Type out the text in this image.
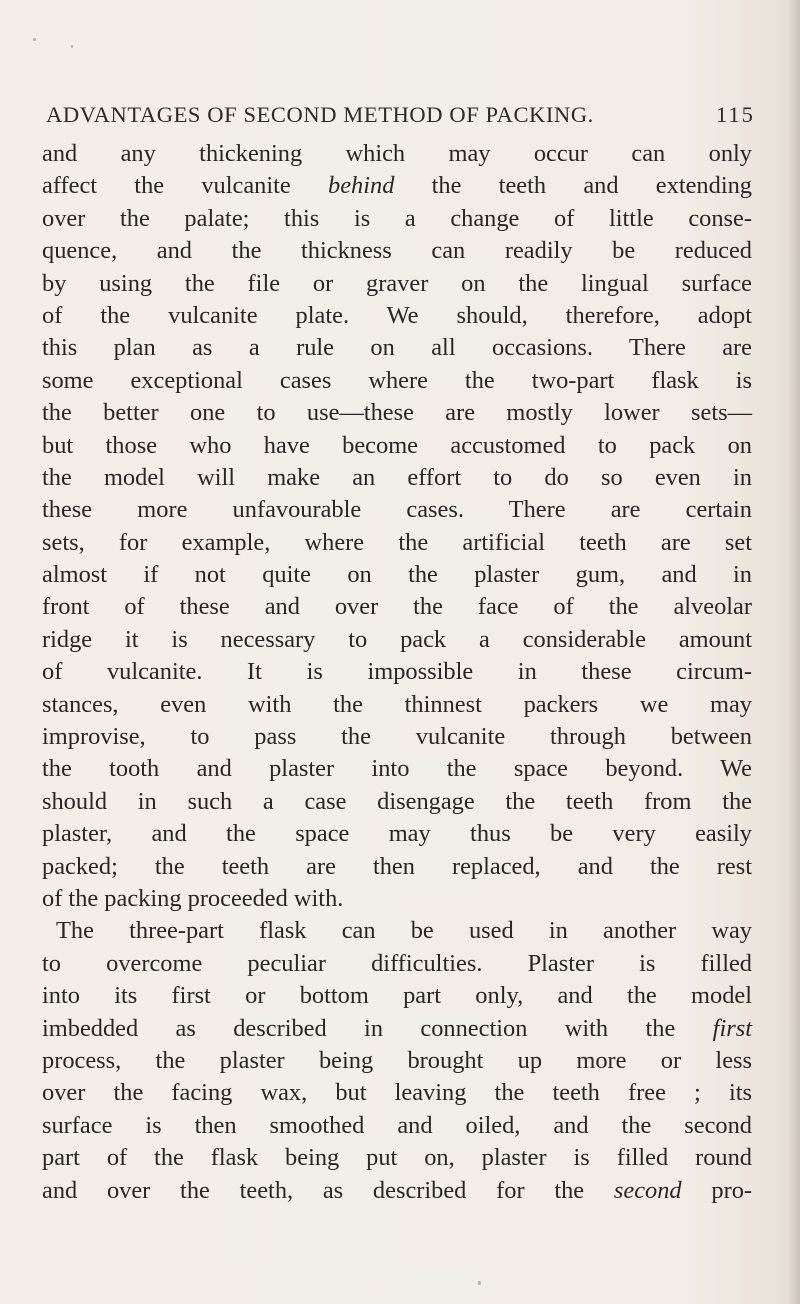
ADVANTAGES OF SECOND METHOD OF PACKING.	115
and any thickening which may occur can only
affect the vulcanite behind the teeth and extending
over the palate; this is a change of little conse-
quence, and the thickness can readily be reduced
by using the file or graver on the lingual surface
of the vulcanite plate. We should, therefore, adopt
this plan as a rule on all occasions. There are
some exceptional cases where the two-part flask is
the better one to use—these are mostly lower sets—
but those who have become accustomed to pack on
the model will make an effort to do so even in
these more unfavourable cases. There are certain
sets, for example, where the artificial teeth are set
almost if not quite on the plaster gum, and in
front of these and over the face of the alveolar
ridge it is necessary to pack a considerable amount
of vulcanite. It is impossible in these circum-
stances, even with the thinnest packers we may
improvise, to pass the vulcanite through between
the tooth and plaster into the space beyond. We
should in such a case disengage the teeth from the
plaster, and the space may thus be very easily
packed; the teeth are then replaced, and the rest
of the packing proceeded with.
The three-part flask can be used in another way
to overcome peculiar difficulties. Plaster is filled
into its first or bottom part only, and the model
imbedded as described in connection with the first
process, the plaster being brought up more or less
over the facing wax, but leaving the teeth free ; its
surface is then smoothed and oiled, and the second
part of the flask being put on, plaster is filled round
and over the teeth, as described for the second pro-
